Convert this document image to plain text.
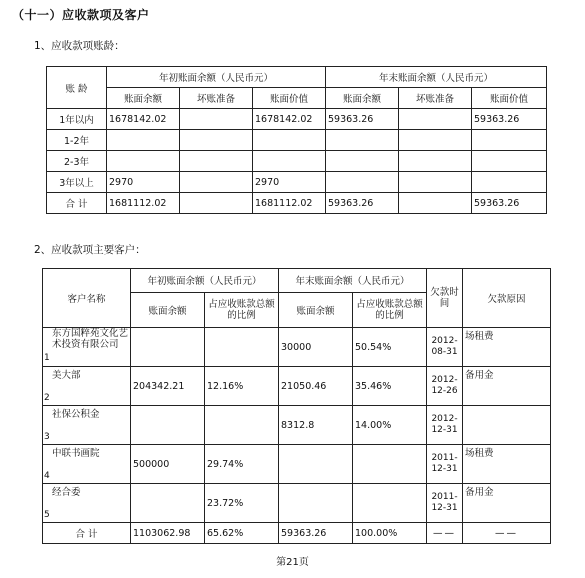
（十一）应收款项及客户
1、应收款项账龄：
账 龄	年初账面余额（人民币元）			年末账面余额（人民币元）		
	账面余额	坏账准备	账面价值	账面余额	坏账准备	账面价值
1年以内	1678142.02		1678142.02	59363.26		59363.26
1-2年						
2-3年						
3年以上	2970		2970			
合 计	1681112.02		1681112.02	59363.26		59363.26
2、应收款项主要客户：
客户名称	年初账面余额（人民币元）		年末账面余额（人民币元）		欠款时间	欠款原因
	账面余额	占应收账款总额的比例	账面余额	占应收账款总额的比例		

1
东方国粹苑文化艺术投资有限公司			30000	50.54%	2012-08-31	场租费

2
美大部	204342.21	12.16%	21050.46	35.46%	2012-12-26	备用金

3
社保公积金			8312.8	14.00%	2012-12-31	

4
中联书画院	500000	29.74%			2011-12-31	场租费

5
经合委		23.72%			2011-12-31	备用金
合 计	1103062.98	65.62%	59363.26	100.00%	——	——
第21页
